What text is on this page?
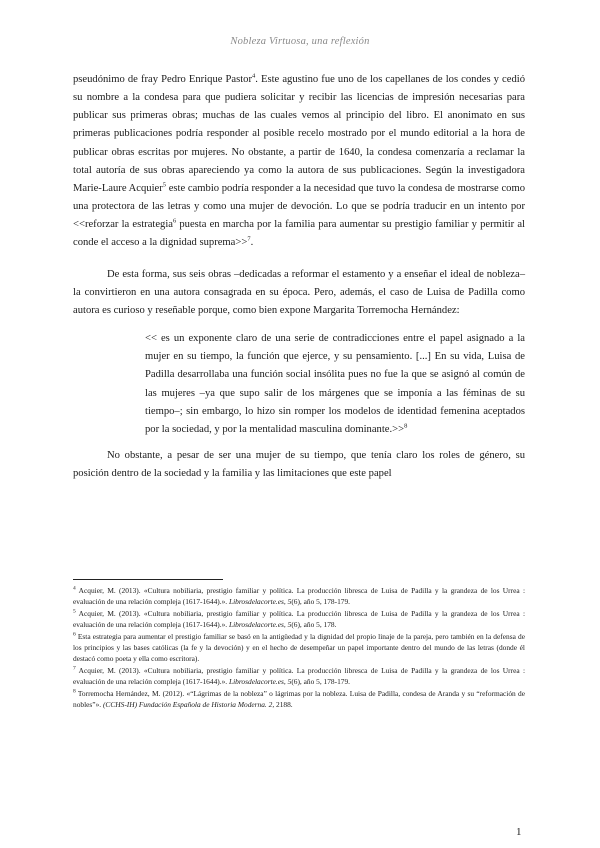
Nobleza Virtuosa, una reflexión

pseudónimo de fray Pedro Enrique Pastor$^4$. Este agustino fue uno de los capellanes de los condes y cedió su nombre a la condesa para que pudiera solicitar y recibir las licencias de impresión necesarias para publicar sus primeras obras; muchas de las cuales vemos al principio del libro. El anonimato en sus primeras publicaciones podría responder al posible recelo mostrado por el mundo editorial a la hora de publicar obras escritas por mujeres. No obstante, a partir de 1640, la condesa comenzaría a reclamar la total autoría de sus obras apareciendo ya como la autora de sus publicaciones. Según la investigadora Marie-Laure Acquier$^5$ este cambio podría responder a la necesidad que tuvo la condesa de mostrarse como una protectora de las letras y como una mujer de devoción. Lo que se podría traducir en un intento por <<reforzar la estrategia$^6$ puesta en marcha por la familia para aumentar su prestigio familiar y permitir al conde el acceso a la dignidad suprema>>$^7$.

De esta forma, sus seis obras –dedicadas a reformar el estamento y a enseñar el ideal de nobleza– la convirtieron en una autora consagrada en su época. Pero, además, el caso de Luisa de Padilla como autora es curioso y reseñable porque, como bien expone Margarita Torremocha Hernández:

<< es un exponente claro de una serie de contradicciones entre el papel asignado a la mujer en su tiempo, la función que ejerce, y su pensamiento. [...] En su vida, Luisa de Padilla desarrollaba una función social insólita pues no fue la que se asignó al común de las mujeres –ya que supo salir de los márgenes que se imponía a las féminas de su tiempo–; sin embargo, lo hizo sin romper los modelos de identidad femenina aceptados por la sociedad, y por la mentalidad masculina dominante.>>$^8$

No obstante, a pesar de ser una mujer de su tiempo, que tenía claro los roles de género, su posición dentro de la sociedad y la familia y las limitaciones que este papel

$^4$ Acquier, M. (2013). «Cultura nobiliaria, prestigio familiar y política. La producción libresca de Luisa de Padilla y la grandeza de los Urrea : evaluación de una relación compleja (1617-1644).». Librosdelacorte.es, 5(6), año 5, 178-179.

$^5$ Acquier, M. (2013). «Cultura nobiliaria, prestigio familiar y política. La producción libresca de Luisa de Padilla y la grandeza de los Urrea : evaluación de una relación compleja (1617-1644).». Librosdelacorte.es, 5(6), año 5, 178.

$^6$ Esta estrategia para aumentar el prestigio familiar se basó en la antigüedad y la dignidad del propio linaje de la pareja, pero también en la defensa de los principios y las bases católicas (la fe y la devoción) y en el hecho de desempeñar un papel importante dentro del mundo de las letras (donde él destacó como poeta y ella como escritora).

$^7$ Acquier, M. (2013). «Cultura nobiliaria, prestigio familiar y política. La producción libresca de Luisa de Padilla y la grandeza de los Urrea : evaluación de una relación compleja (1617-1644).». Librosdelacorte.es, 5(6), año 5, 178-179.

$^8$ Torremocha Hernández, M. (2012). «“Lágrimas de la nobleza” o lágrimas por la nobleza. Luisa de Padilla, condesa de Aranda y su “reformación de nobles”». (CCHS-IH) Fundación Española de Historia Moderna. 2, 2188.

1
